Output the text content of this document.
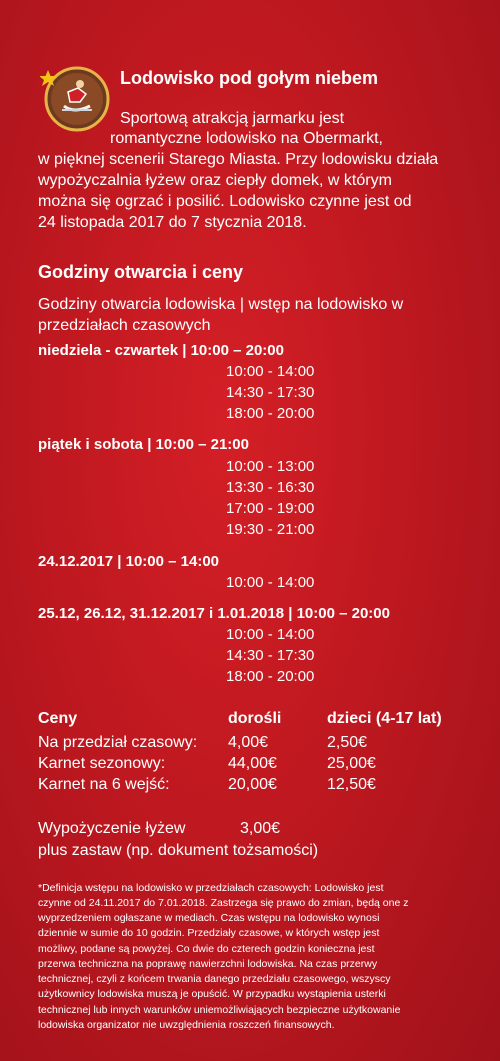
Lodowisko pod gołym niebem
Sportową atrakcją jarmarku jest
romantyczne lodowisko na Obermarkt,
w pięknej scenerii Starego Miasta. Przy lodowisku działa
wypożyczalnia łyżew oraz ciepły domek, w którym
można się ogrzać i posilić. Lodowisko czynne jest od
24 listopada 2017 do 7 stycznia 2018.
Godziny otwarcia i ceny
Godziny otwarcia lodowiska | wstęp na lodowisko w
przedziałach czasowych
niedziela - czwartek | 10:00 – 20:00
10:00 - 14:00
14:30 - 17:30
18:00 - 20:00
piątek i sobota | 10:00 – 21:00
10:00 - 13:00
13:30 - 16:30
17:00 - 19:00
19:30 - 21:00
24.12.2017 | 10:00 – 14:00
10:00 - 14:00
25.12, 26.12, 31.12.2017 i 1.01.2018 | 10:00 – 20:00
10:00 - 14:00
14:30 - 17:30
18:00 - 20:00
Ceny	dorośli	dzieci (4-17 lat)
Na przedział czasowy: 4,00€	2,50€
Karnet sezonowy:	44,00€	25,00€
Karnet na 6 wejść:	20,00€	12,50€
Wypożyczenie łyżew	3,00€
plus zastaw (np. dokument tożsamości)
*Definicja wstępu na lodowisko w przedziałach czasowych: Lodowisko jest
czynne od 24.11.2017 do 7.01.2018. Zastrzega się prawo do zmian, będą one z
wyprzedzeniem ogłaszane w mediach. Czas wstępu na lodowisko wynosi
dziennie w sumie do 10 godzin. Przedziały czasowe, w których wstęp jest
możliwy, podane są powyżej. Co dwie do czterech godzin konieczna jest
przerwa techniczna na poprawę nawierzchni lodowiska. Na czas przerwy
technicznej, czyli z końcem trwania danego przedziału czasowego, wszyscy
użytkownicy lodowiska muszą je opuścić. W przypadku wystąpienia usterki
technicznej lub innych warunków uniemożliwiających bezpieczne użytkowanie
lodowiska organizator nie uwzględnienia roszczeń finansowych.
